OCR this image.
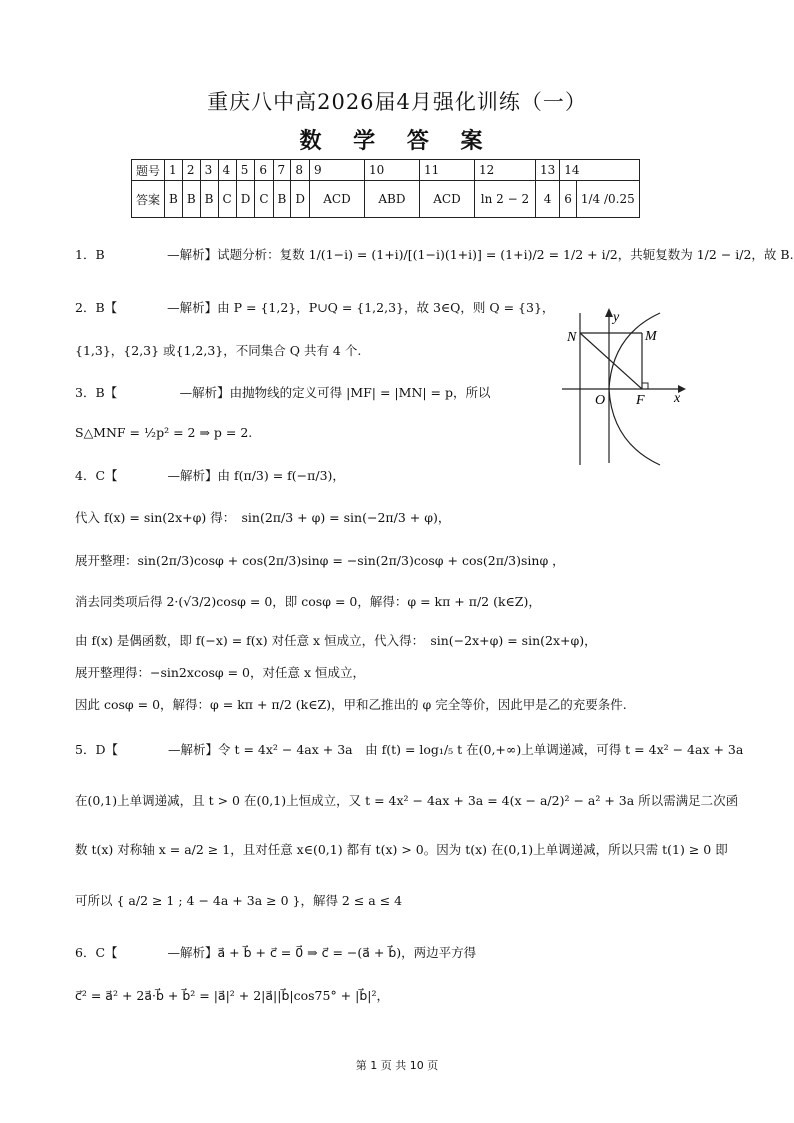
重庆八中高2026届4月强化训练（一）
数 学 答 案
题号	1	2	3	4	5	6	7	8	9	10	11	12	13	14	
答案	B	B	B	C	D	C	B	D	ACD	ABD	ACD	ln 2 − 2	4	6	1/4 /0.25
1．B　　　　　—解析】试题分析：复数 1/(1−i) = (1+i)/[(1−i)(1+i)] = (1+i)/2 = 1/2 + i/2，共轭复数为 1/2 − i/2，故 B.
2．B【　　　　—解析】由 P = {1,2}，P∪Q = {1,2,3}，故 3∈Q，则 Q = {3}，
{1,3}，{2,3} 或{1,2,3}，不同集合 Q 共有 4 个.
3．B【　　　　　—解析】由抛物线的定义可得 |MF| = |MN| = p，所以
S△MNF = ½p² = 2 ⇒ p = 2.
4．C【　　　　—解析】由 f(π/3) = f(−π/3)，
代入 f(x) = sin(2x+φ) 得：　sin(2π/3 + φ) = sin(−2π/3 + φ)，
展开整理：sin(2π/3)cosφ + cos(2π/3)sinφ = −sin(2π/3)cosφ + cos(2π/3)sinφ ，
消去同类项后得 2·(√3/2)cosφ = 0，即 cosφ = 0，解得：φ = kπ + π/2 (k∈Z)，
由 f(x) 是偶函数，即 f(−x) = f(x) 对任意 x 恒成立，代入得：　sin(−2x+φ) = sin(2x+φ)，
展开整理得：−sin2xcosφ = 0，对任意 x 恒成立，
因此 cosφ = 0，解得：φ = kπ + π/2 (k∈Z)，甲和乙推出的 φ 完全等价，因此甲是乙的充要条件.
5．D【　　　　—解析】令 t = 4x² − 4ax + 3a　由 f(t) = log₁/₅ t 在(0,+∞)上单调递减，可得 t = 4x² − 4ax + 3a
在(0,1)上单调递减，且 t > 0 在(0,1)上恒成立，又 t = 4x² − 4ax + 3a = 4(x − a/2)² − a² + 3a 所以需满足二次函
数 t(x) 对称轴 x = a/2 ≥ 1，且对任意 x∈(0,1) 都有 t(x) > 0。因为 t(x) 在(0,1)上单调递减，所以只需 t(1) ≥ 0 即
可所以 { a/2 ≥ 1 ; 4 − 4a + 3a ≥ 0 }，解得 2 ≤ a ≤ 4
6．C【　　　　—解析】a⃗ + b⃗ + c⃗ = 0⃗ ⇒ c⃗ = −(a⃗ + b⃗)，两边平方得
c⃗² = a⃗² + 2a⃗·b⃗ + b⃗² = |a⃗|² + 2|a⃗||b⃗|cos75° + |b⃗|²，
y
x
N	M
O F
第 1 页 共 10 页
